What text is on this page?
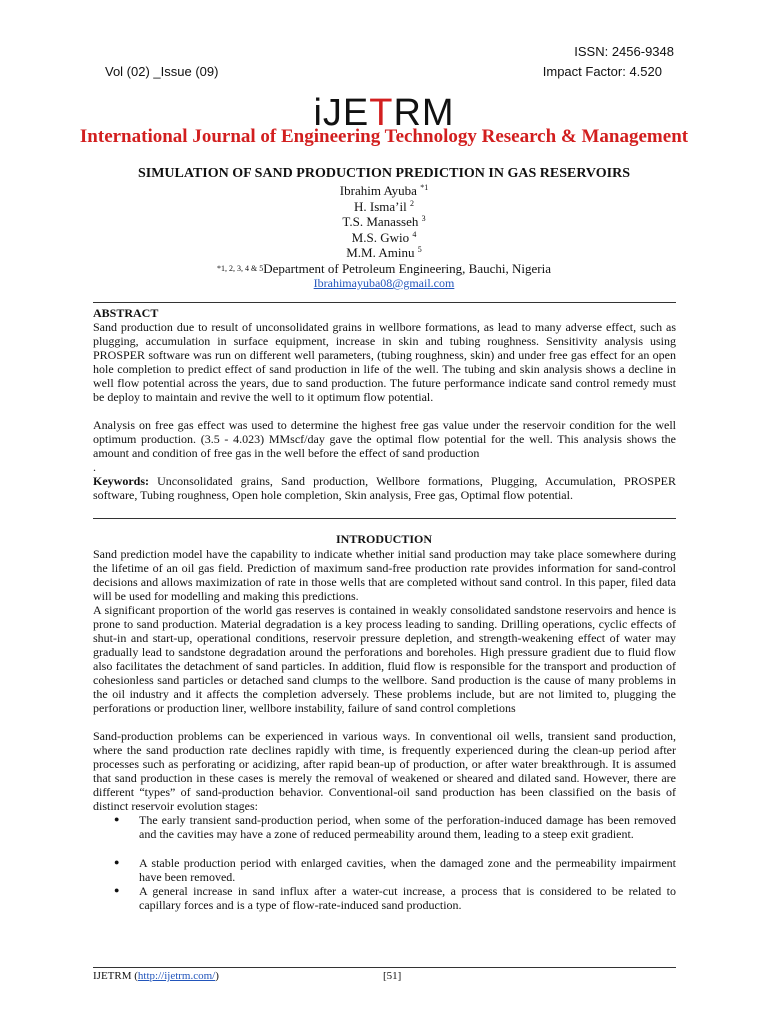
ISSN: 2456-9348
Vol (02) _Issue (09)	Impact Factor: 4.520
iJETRM
International Journal of Engineering Technology Research & Management
SIMULATION OF SAND PRODUCTION PREDICTION IN GAS RESERVOIRS
Ibrahim Ayuba $^{*1}$
H. Isma’il $^2$
T.S. Manasseh $^3$
M.S. Gwio $^4$
M.M. Aminu $^5$
$^{*1, 2, 3, 4 \& 5}$Department of Petroleum Engineering, Bauchi, Nigeria
Ibrahimayuba08@gmail.com
ABSTRACT
Sand production due to result of unconsolidated grains in wellbore formations, as lead to many adverse effect, such as plugging, accumulation in surface equipment, increase in skin and tubing roughness. Sensitivity analysis using PROSPER software was run on different well parameters, (tubing roughness, skin) and under free gas effect for an open hole completion to predict effect of sand production in life of the well. The tubing and skin analysis shows a decline in well flow potential across the years, due to sand production. The future performance indicate sand control remedy must be deploy to maintain and revive the well to it optimum flow potential.
Analysis on free gas effect was used to determine the highest free gas value under the reservoir condition for the well optimum production. (3.5 - 4.023) MMscf/day gave the optimal flow potential for the well. This analysis shows the amount and condition of free gas in the well before the effect of sand production
.
Keywords: Unconsolidated grains, Sand production, Wellbore formations, Plugging, Accumulation, PROSPER software, Tubing roughness, Open hole completion, Skin analysis, Free gas, Optimal flow potential.
INTRODUCTION
Sand prediction model have the capability to indicate whether initial sand production may take place somewhere during the lifetime of an oil gas field. Prediction of maximum sand-free production rate provides information for sand-control decisions and allows maximization of rate in those wells that are completed without sand control. In this paper, filed data will be used for modelling and making this predictions.
A significant proportion of the world gas reserves is contained in weakly consolidated sandstone reservoirs and hence is prone to sand production. Material degradation is a key process leading to sanding. Drilling operations, cyclic effects of shut-in and start-up, operational conditions, reservoir pressure depletion, and strength-weakening effect of water may gradually lead to sandstone degradation around the perforations and boreholes. High pressure gradient due to fluid flow also facilitates the detachment of sand particles. In addition, fluid flow is responsible for the transport and production of cohesionless sand particles or detached sand clumps to the wellbore. Sand production is the cause of many problems in the oil industry and it affects the completion adversely. These problems include, but are not limited to, plugging the perforations or production liner, wellbore instability, failure of sand control completions
Sand-production problems can be experienced in various ways. In conventional oil wells, transient sand production, where the sand production rate declines rapidly with time, is frequently experienced during the clean-up period after processes such as perforating or acidizing, after rapid bean-up of production, or after water breakthrough. It is assumed that sand production in these cases is merely the removal of weakened or sheared and dilated sand. However, there are different “types” of sand-production behavior. Conventional-oil sand production has been classified on the basis of distinct reservoir evolution stages:
● The early transient sand-production period, when some of the perforation-induced damage has been removed and the cavities may have a zone of reduced permeability around them, leading to a steep exit gradient.
● A stable production period with enlarged cavities, when the damaged zone and the permeability impairment have been removed.
● A general increase in sand influx after a water-cut increase, a process that is considered to be related to capillary forces and is a type of flow-rate-induced sand production.
IJETRM (http://ijetrm.com/)	[51]
